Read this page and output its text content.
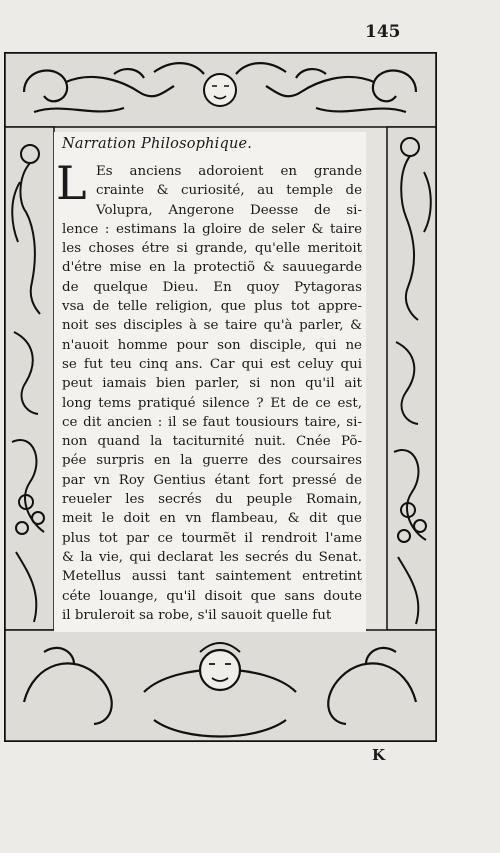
145
Narration Philosophique.
L Es anciens adoroient en grande
crainte & curiosité, au temple de
Volupra, Angerone Deesse de si-
lence : estimans la gloire de seler & taire
les choses étre si grande, qu'elle meritoit
d'étre mise en la protectiõ & sauuegarde
de quelque Dieu. En quoy Pytagoras
vsa de telle religion, que plus tot appre-
noit ses disciples à se taire qu'à parler, &
n'auoit homme pour son disciple, qui ne
se fut teu cinq ans. Car qui est celuy qui
peut iamais bien parler, si non qu'il ait
long tems pratiqué silence ? Et de ce est,
ce dit ancien : il se faut tousiours taire, si-
non quand la taciturnité nuit. Cnée Põ-
pée surpris en la guerre des coursaires
par vn Roy Gentius étant fort pressé de
reueler les secrés du peuple Romain,
meit le doit en vn flambeau, & dit que
plus tot par ce tourmẽt il rendroit l'ame
& la vie, qui declarat les secrés du Senat.
Metellus aussi tant saintement entretint
céte louange, qu'il disoit que sans doute
il bruleroit sa robe, s'il sauoit quelle fut
K
